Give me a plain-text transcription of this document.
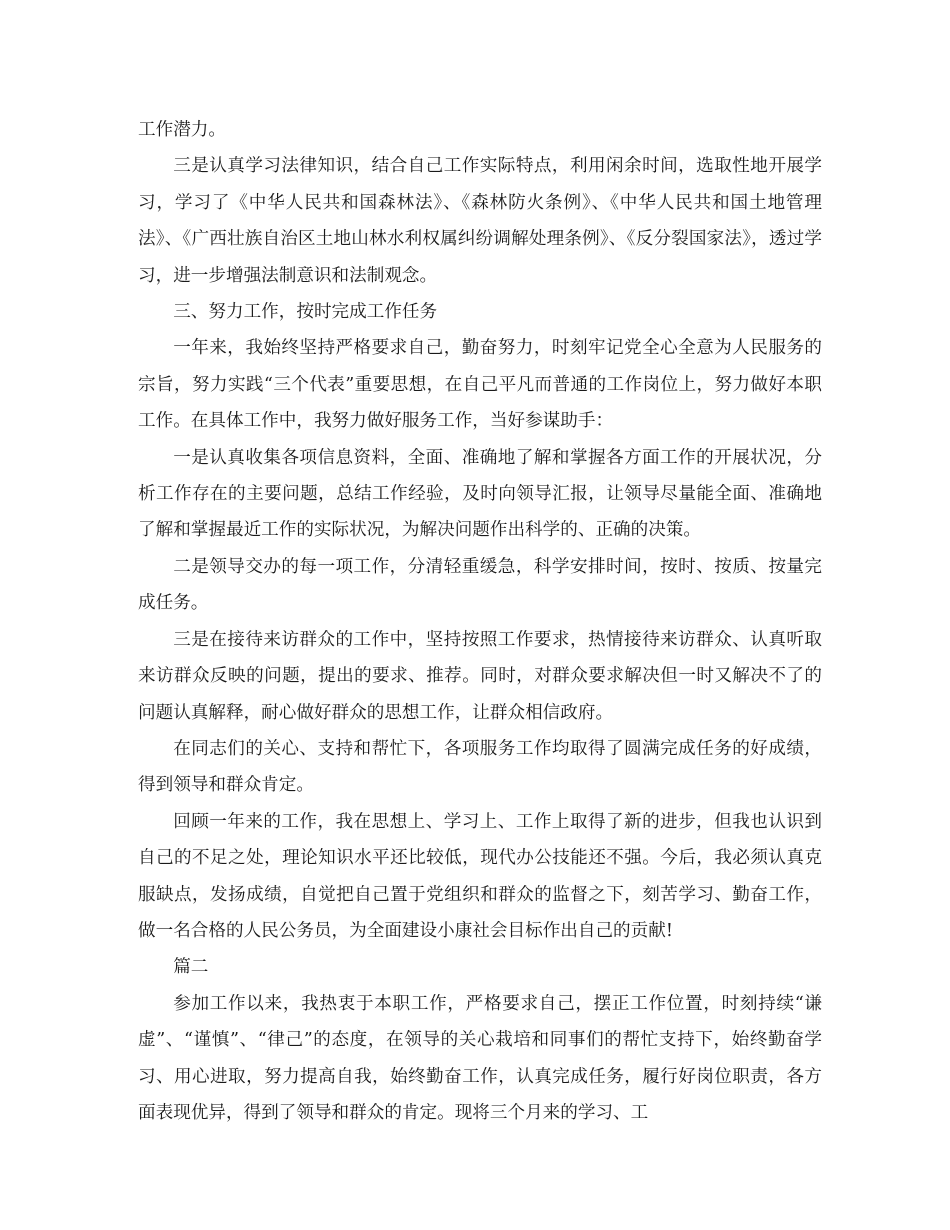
工作潜力。

三是认真学习法律知识，结合自己工作实际特点，利用闲余时间，选取性地开展学习，学习了《中华人民共和国森林法》、《森林防火条例》、《中华人民共和国土地管理法》、《广西壮族自治区土地山林水利权属纠纷调解处理条例》、《反分裂国家法》，透过学习，进一步增强法制意识和法制观念。

三、努力工作，按时完成工作任务

一年来，我始终坚持严格要求自己，勤奋努力，时刻牢记党全心全意为人民服务的宗旨，努力实践“三个代表”重要思想，在自己平凡而普通的工作岗位上，努力做好本职工作。在具体工作中，我努力做好服务工作，当好参谋助手：

一是认真收集各项信息资料，全面、准确地了解和掌握各方面工作的开展状况，分析工作存在的主要问题，总结工作经验，及时向领导汇报，让领导尽量能全面、准确地了解和掌握最近工作的实际状况，为解决问题作出科学的、正确的决策。

二是领导交办的每一项工作，分清轻重缓急，科学安排时间，按时、按质、按量完成任务。

三是在接待来访群众的工作中，坚持按照工作要求，热情接待来访群众、认真听取来访群众反映的问题，提出的要求、推荐。同时，对群众要求解决但一时又解决不了的问题认真解释，耐心做好群众的思想工作，让群众相信政府。

在同志们的关心、支持和帮忙下，各项服务工作均取得了圆满完成任务的好成绩，得到领导和群众肯定。

回顾一年来的工作，我在思想上、学习上、工作上取得了新的进步，但我也认识到自己的不足之处，理论知识水平还比较低，现代办公技能还不强。今后，我必须认真克服缺点，发扬成绩，自觉把自己置于党组织和群众的监督之下，刻苦学习、勤奋工作，做一名合格的人民公务员，为全面建设小康社会目标作出自己的贡献!

篇二

参加工作以来，我热衷于本职工作，严格要求自己，摆正工作位置，时刻持续“谦虚”、“谨慎”、“律己”的态度，在领导的关心栽培和同事们的帮忙支持下，始终勤奋学习、用心进取，努力提高自我，始终勤奋工作，认真完成任务，履行好岗位职责，各方面表现优异，得到了领导和群众的肯定。现将三个月来的学习、工
